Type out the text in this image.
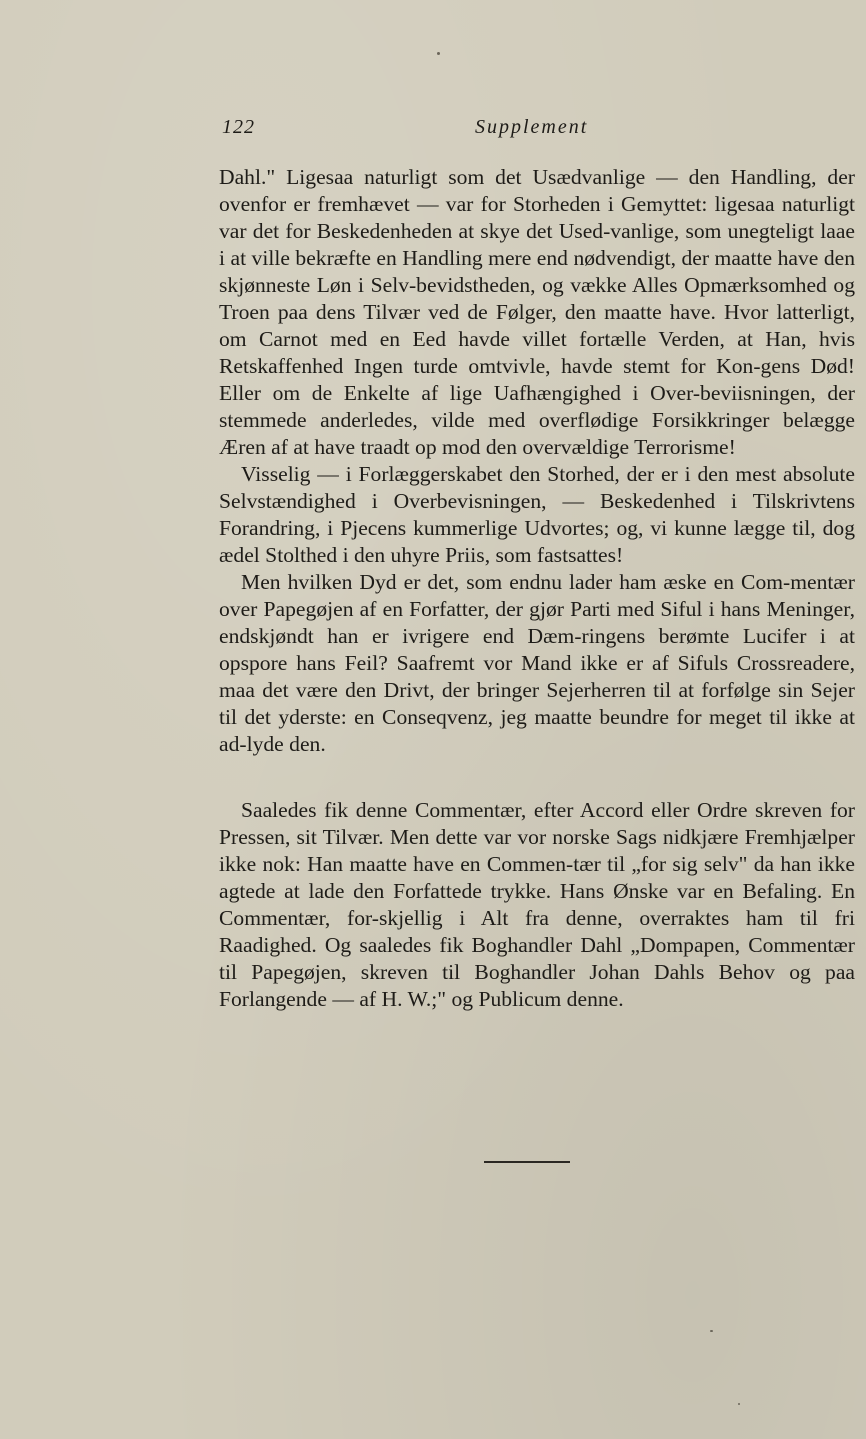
122	Supplement

Dahl." Ligesaa naturligt som det Usædvanlige — den Handling, der ovenfor er fremhævet — var for Storheden i Gemyttet: ligesaa naturligt var det for Beskedenheden at skye det Used-vanlige, som unegteligt laae i at ville bekræfte en Handling mere end nødvendigt, der maatte have den skjønneste Løn i Selv-bevidstheden, og vække Alles Opmærksomhed og Troen paa dens Tilvær ved de Følger, den maatte have. Hvor latterligt, om Carnot med en Eed havde villet fortælle Verden, at Han, hvis Retskaffenhed Ingen turde omtvivle, havde stemt for Kon-gens Død! Eller om de Enkelte af lige Uafhængighed i Over-beviisningen, der stemmede anderledes, vilde med overflødige Forsikkringer belægge Æren af at have traadt op mod den overvældige Terrorisme!

Visselig — i Forlæggerskabet den Storhed, der er i den mest absolute Selvstændighed i Overbevisningen, — Beskedenhed i Tilskrivtens Forandring, i Pjecens kummerlige Udvortes; og, vi kunne lægge til, dog ædel Stolthed i den uhyre Priis, som fastsattes!

Men hvilken Dyd er det, som endnu lader ham æske en Com-mentær over Papegøjen af en Forfatter, der gjør Parti med Siful i hans Meninger, endskjøndt han er ivrigere end Dæm-ringens berømte Lucifer i at opspore hans Feil? Saafremt vor Mand ikke er af Sifuls Crossreadere, maa det være den Drivt, der bringer Sejerherren til at forfølge sin Sejer til det yderste: en Conseqvenz, jeg maatte beundre for meget til ikke at ad-lyde den.

Saaledes fik denne Commentær, efter Accord eller Ordre skreven for Pressen, sit Tilvær. Men dette var vor norske Sags nidkjære Fremhjælper ikke nok: Han maatte have en Commen-tær til „for sig selv" da han ikke agtede at lade den Forfattede trykke. Hans Ønske var en Befaling. En Commentær, for-skjellig i Alt fra denne, overraktes ham til fri Raadighed. Og saaledes fik Boghandler Dahl „Dompapen, Commentær til Papegøjen, skreven til Boghandler Johan Dahls Behov og paa Forlangende — af H. W.;" og Publicum denne.
